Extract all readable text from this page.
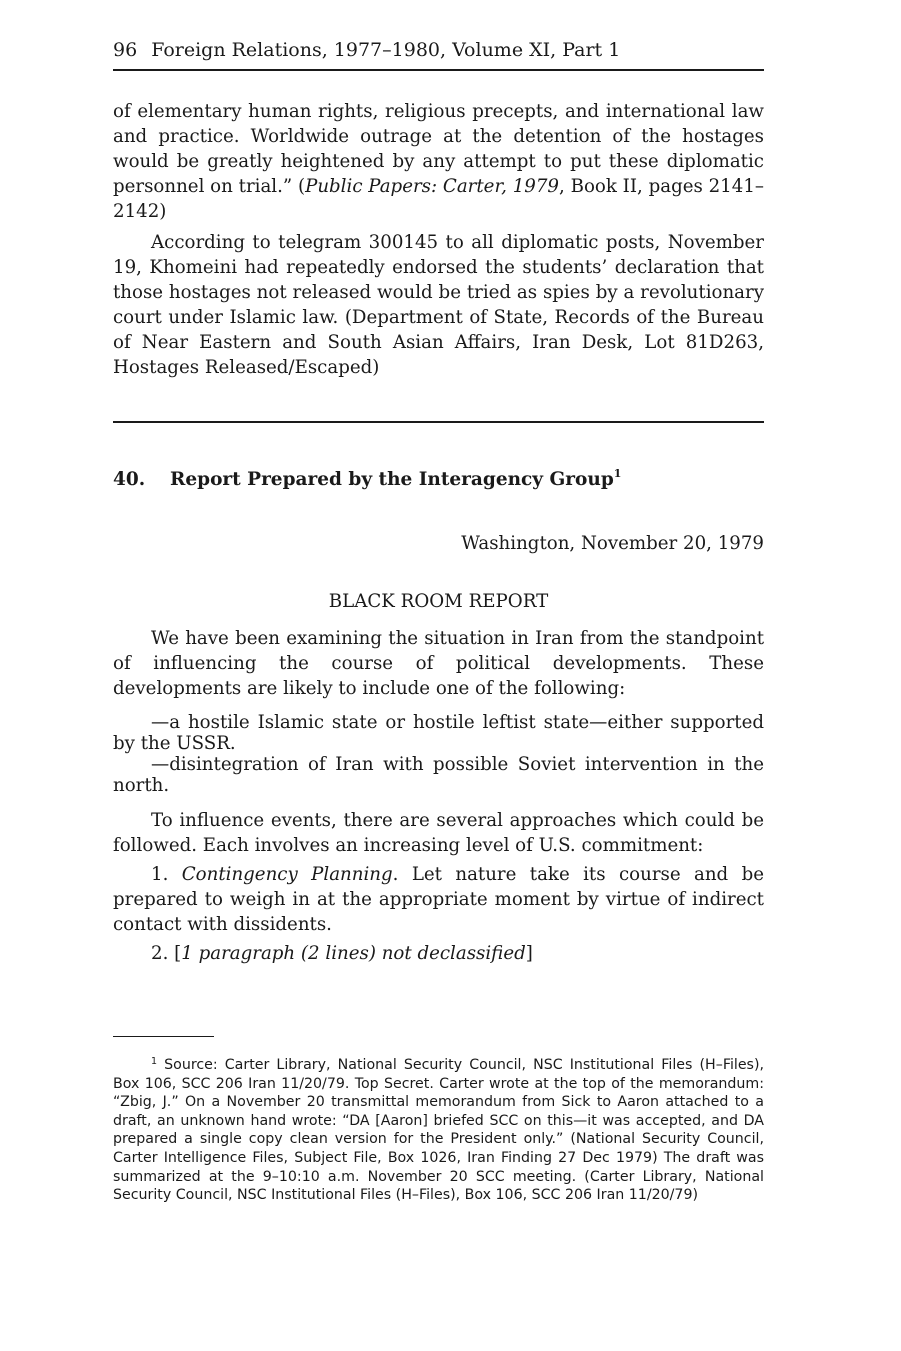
96 Foreign Relations, 1977–1980, Volume XI, Part 1

of elementary human rights, religious precepts, and international law and practice. Worldwide outrage at the detention of the hostages would be greatly heightened by any attempt to put these diplomatic personnel on trial.” (Public Papers: Carter, 1979, Book II, pages 2141–2142)

According to telegram 300145 to all diplomatic posts, November 19, Khomeini had repeatedly endorsed the students’ declaration that those hostages not released would be tried as spies by a revolutionary court under Islamic law. (Department of State, Records of the Bureau of Near Eastern and South Asian Affairs, Iran Desk, Lot 81D263, Hostages Released/Escaped)

40. Report Prepared by the Interagency Group$^1$
Washington, November 20, 1979
BLACK ROOM REPORT

We have been examining the situation in Iran from the standpoint of influencing the course of political developments. These developments are likely to include one of the following:

—a hostile Islamic state or hostile leftist state—either supported by the USSR.

—disintegration of Iran with possible Soviet intervention in the north.

To influence events, there are several approaches which could be followed. Each involves an increasing level of U.S. commitment:

1. Contingency Planning. Let nature take its course and be prepared to weigh in at the appropriate moment by virtue of indirect contact with dissidents.

2. [1 paragraph (2 lines) not declassified]

$^1$ Source: Carter Library, National Security Council, NSC Institutional Files (H–Files), Box 106, SCC 206 Iran 11/20/79. Top Secret. Carter wrote at the top of the memorandum: “Zbig, J.” On a November 20 transmittal memorandum from Sick to Aaron attached to a draft, an unknown hand wrote: “DA [Aaron] briefed SCC on this—it was accepted, and DA prepared a single copy clean version for the President only.” (National Security Council, Carter Intelligence Files, Subject File, Box 1026, Iran Finding 27 Dec 1979) The draft was summarized at the 9–10:10 a.m. November 20 SCC meeting. (Carter Library, National Security Council, NSC Institutional Files (H–Files), Box 106, SCC 206 Iran 11/20/79)
